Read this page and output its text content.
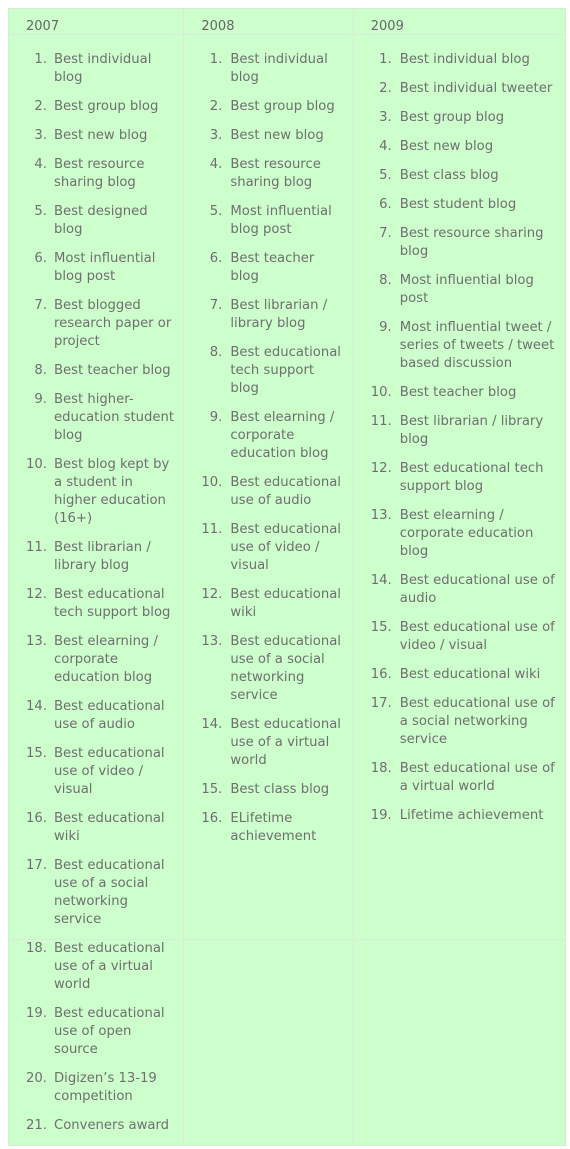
2007	2008	2009
1. Best individual blog
2. Best group blog
3. Best new blog
4. Best resource sharing blog
5. Best designed blog
6. Most influential blog post
7. Best blogged research paper or project
8. Best teacher blog
9. Best higher-education student blog
10. Best blog kept by a student in higher education (16+)
11. Best librarian / library blog
12. Best educational tech support blog
13. Best elearning / corporate education blog
14. Best educational use of audio
15. Best educational use of video / visual
16. Best educational wiki
17. Best educational use of a social networking service
18. Best educational use of a virtual world
19. Best educational use of open source
20. Digizen’s 13-19 competition
21. Conveners award
1. Best individual blog
2. Best group blog
3. Best new blog
4. Best resource sharing blog
5. Most influential blog post
6. Best teacher blog
7. Best librarian / library blog
8. Best educational tech support blog
9. Best elearning / corporate education blog
10. Best educational use of audio
11. Best educational use of video / visual
12. Best educational wiki
13. Best educational use of a social networking service
14. Best educational use of a virtual world
15. Best class blog
16. ELifetime achievement
1. Best individual blog
2. Best individual tweeter
3. Best group blog
4. Best new blog
5. Best class blog
6. Best student blog
7. Best resource sharing blog
8. Most influential blog post
9. Most influential tweet / series of tweets / tweet based discussion
10. Best teacher blog
11. Best librarian / library blog
12. Best educational tech support blog
13. Best elearning / corporate education blog
14. Best educational use of audio
15. Best educational use of video / visual
16. Best educational wiki
17. Best educational use of a social networking service
18. Best educational use of a virtual world
19. Lifetime achievement
